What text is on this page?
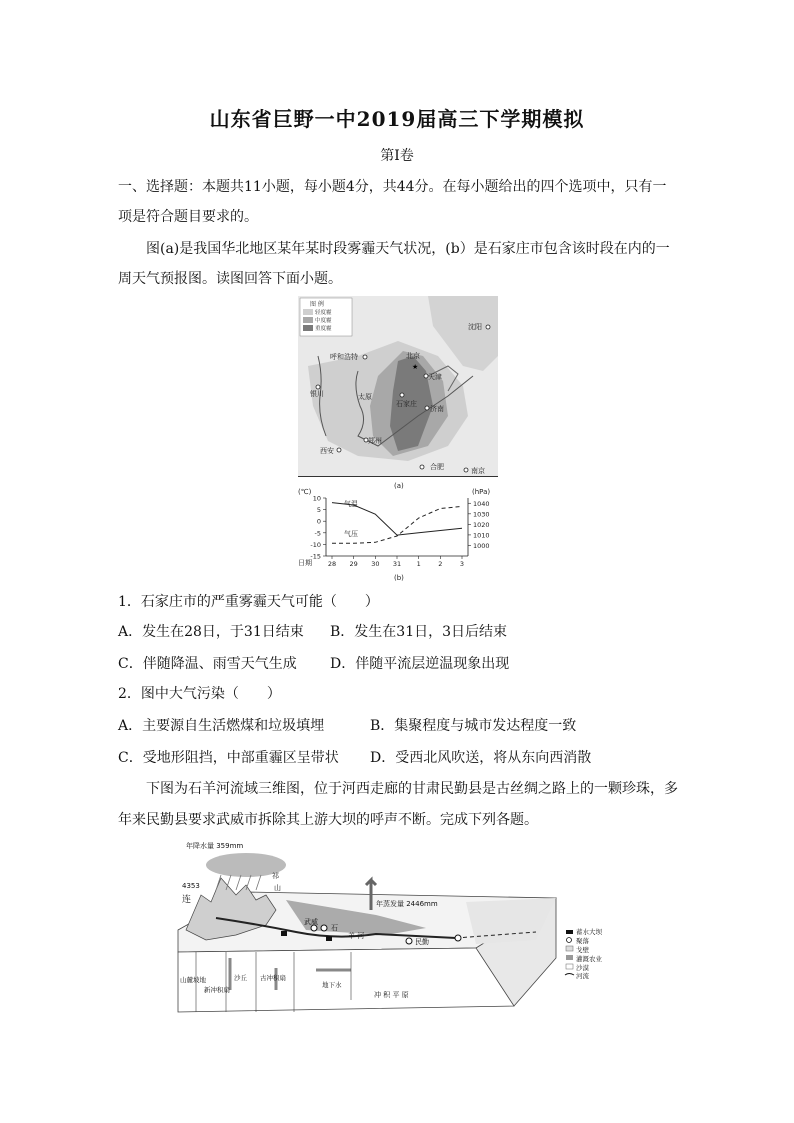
山东省巨野一中2019届高三下学期模拟
第Ⅰ卷
一、选择题：本题共11小题，每小题4分，共44分。在每小题给出的四个选项中，只有一
项是符合题目要求的。
图(a)是我国华北地区某年某时段雾霾天气状况，(b）是石家庄市包含该时段在内的一
周天气预报图。读图回答下面小题。
图 例
轻度霾
中度霾
重度霾	沈阳
北京
★
天津
呼和浩特
太原
石家庄
济南
银川
郑州
西安
合肥	南京
(a)
(℃)	(hPa)
气温
气压
日期
(b)
10
5
0
-5
-10
-15
1040
1030
1020
1010
1000
28 29 30 31 1	2	3
1．石家庄市的严重雾霾天气可能（　　）
A．发生在28日，于31日结束 B．发生在31日，3日后结束
C．伴随降温、雨雪天气生成 D．伴随平流层逆温现象出现
2．图中大气污染（　　）
A．主要源自生活燃煤和垃圾填埋	B．集聚程度与城市发达程度一致
C．受地形阻挡，中部重霾区呈带状 D．受西北风吹送，将从东向西消散
下图为石羊河流域三维图，位于河西走廊的甘肃民勤县是古丝绸之路上的一颗珍珠，多
年来民勤县要求武威市拆除其上游大坝的呼声不断。完成下列各题。
年降水量 359mm
4353
祁
连
山
年蒸发量 2446mm
武威
石
羊 河
民勤
山麓坡地
新冲积扇
沙丘 古冲积扇
地下水
冲 积 平 原
蓄水大坝
聚落
戈壁
灌溉农业
沙漠
河流
